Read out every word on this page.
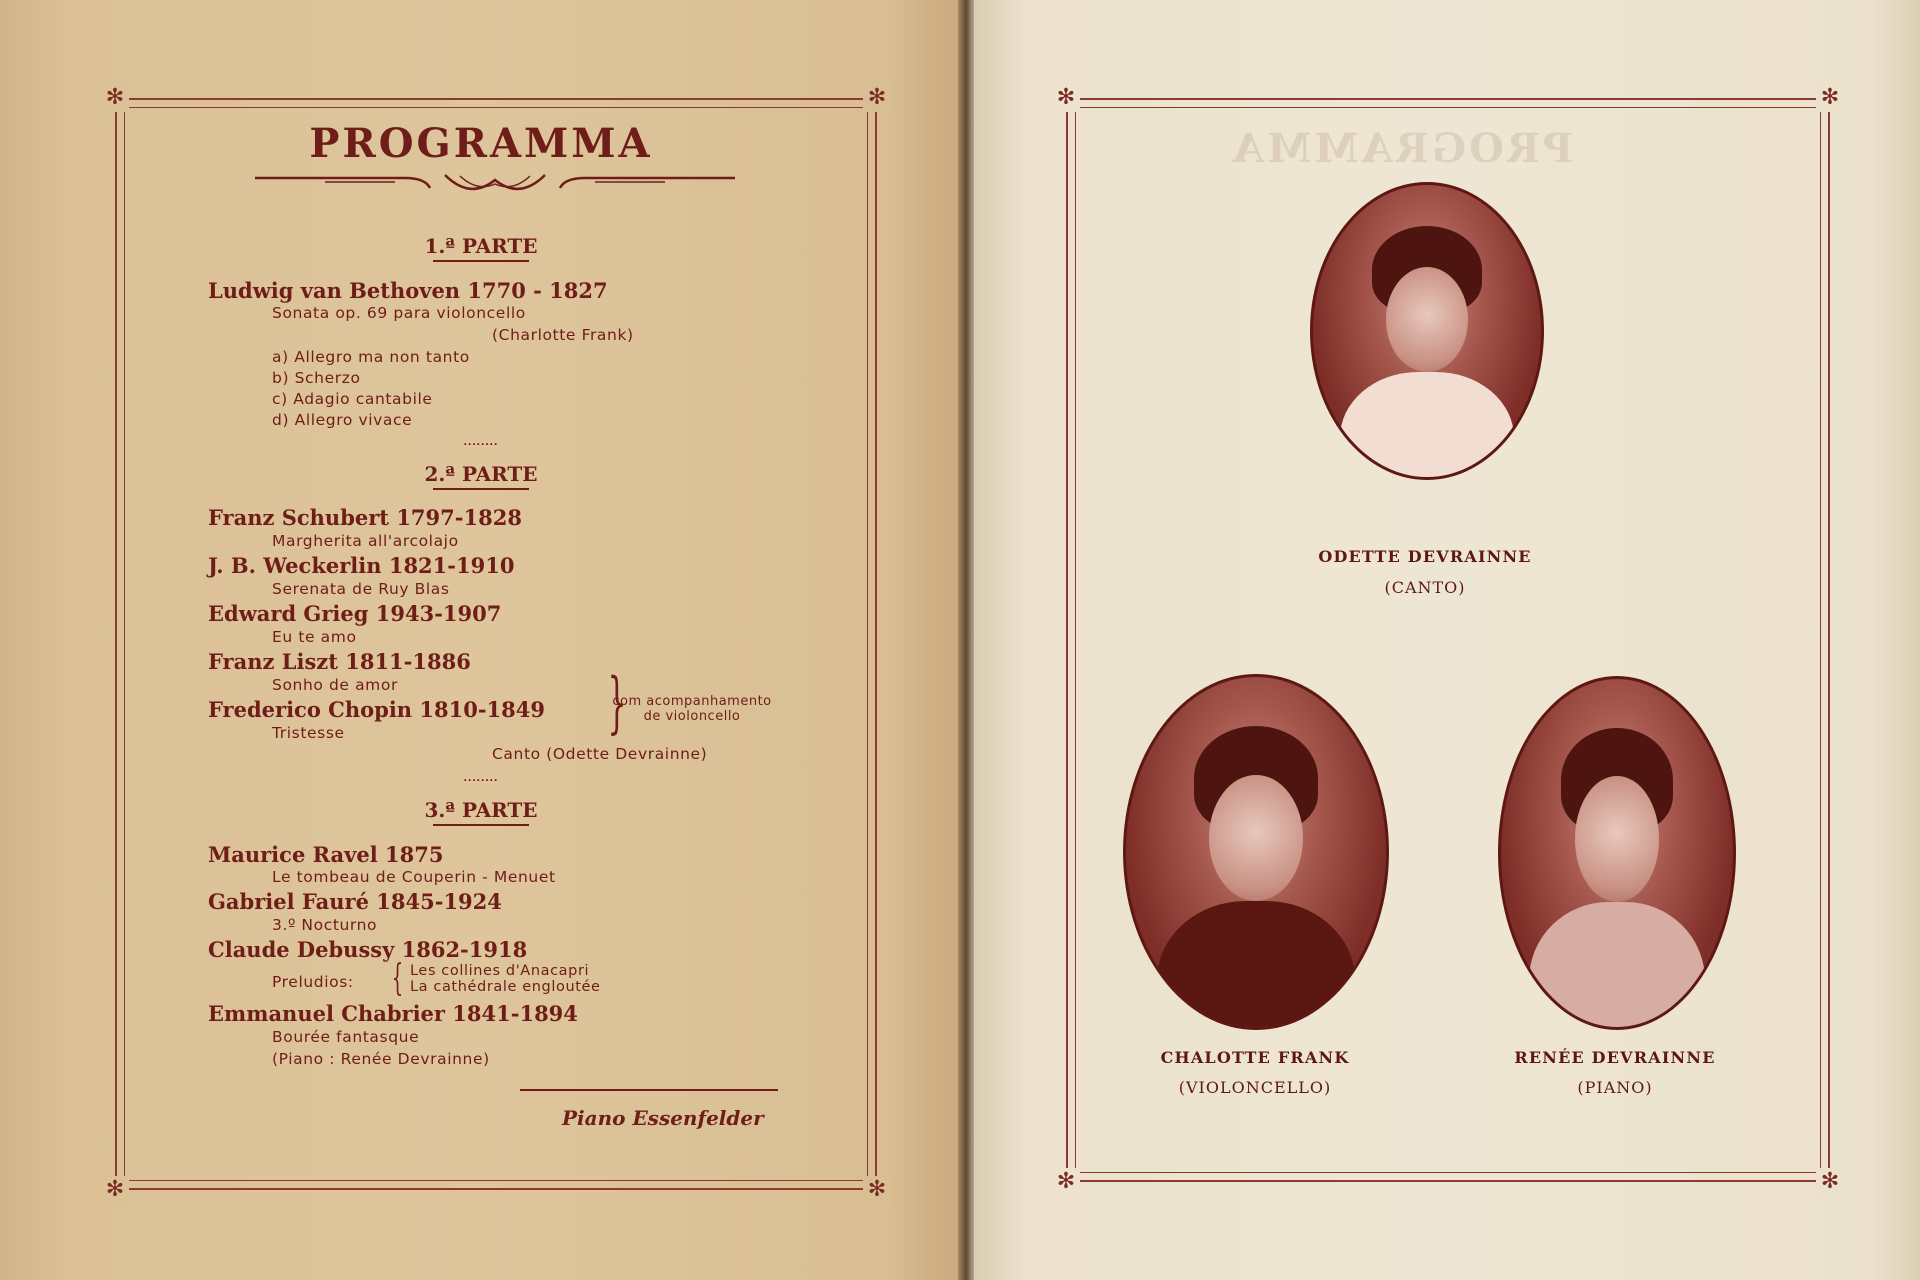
✻	✻
✻	✻
PROGRAMMA
1.ª PARTE
Ludwig van Bethoven 1770 - 1827
Sonata op. 69 para violoncello
(Charlotte Frank)
a) Allegro ma non tanto
b) Scherzo
c) Adagio cantabile
d) Allegro vivace
........
2.ª PARTE
Franz Schubert 1797-1828
Margherita all'arcolajo
J. B. Weckerlin 1821-1910
Serenata de Ruy Blas
Edward Grieg 1943-1907
Eu te amo
Franz Liszt 1811-1886
Sonho de amor
Frederico Chopin 1810-1849
Tristesse	}
com acompanhamento
de violoncello
Canto (Odette Devrainne)
........
3.ª PARTE
Maurice Ravel 1875
Le tombeau de Couperin - Menuet
Gabriel Fauré 1845-1924
3.º Nocturno
Claude Debussy 1862-1918
Preludios: { Les collines d'Anacapri
La cathédrale engloutée
Emmanuel Chabrier 1841-1894
Bourée fantasque
(Piano : Renée Devrainne)
Piano Essenfelder
PROGRAMMA
✻	✻
✻	✻
ODETTE DEVRAINNE
(CANTO)
CHALOTTE FRANK
(VIOLONCELLO)
RENÉE DEVRAINNE
(PIANO)
